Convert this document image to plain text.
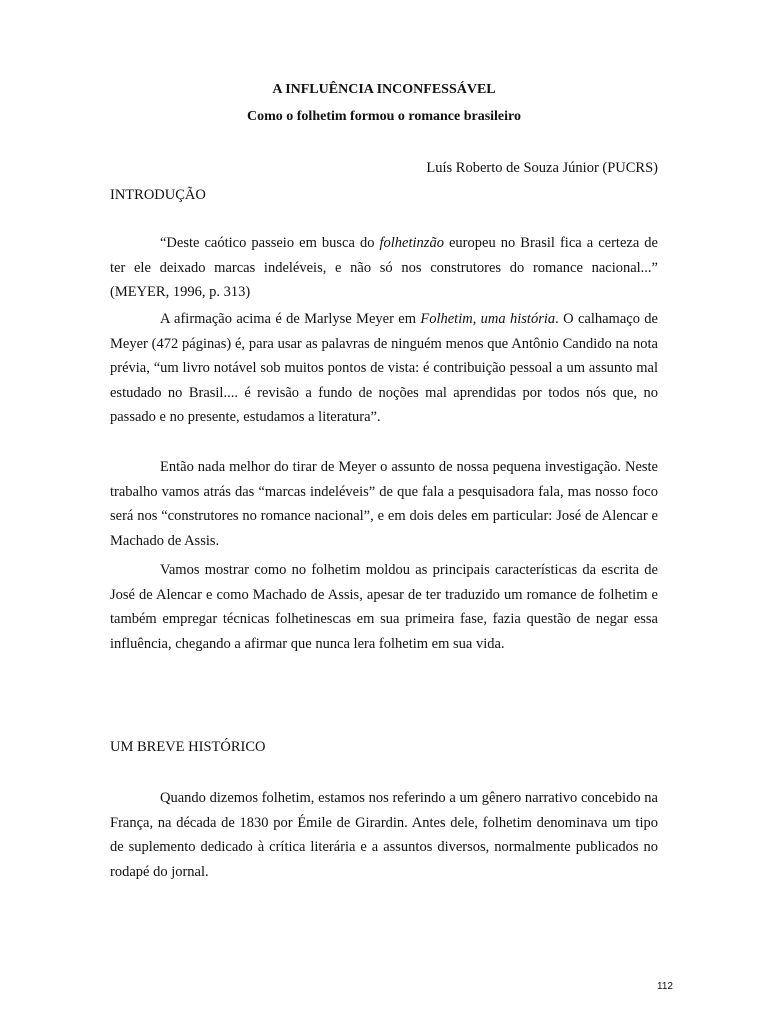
A INFLUÊNCIA INCONFESSÁVEL
Como o folhetim formou o romance brasileiro
Luís Roberto de Souza Júnior (PUCRS)
INTRODUÇÃO

“Deste caótico passeio em busca do folhetinzão europeu no Brasil fica a certeza de ter ele deixado marcas indeléveis, e não só nos construtores do romance nacional...” (MEYER, 1996, p. 313)

A afirmação acima é de Marlyse Meyer em Folhetim, uma história. O calhamaço de Meyer (472 páginas) é, para usar as palavras de ninguém menos que Antônio Candido na nota prévia, “um livro notável sob muitos pontos de vista: é contribuição pessoal a um assunto mal estudado no Brasil.... é revisão a fundo de noções mal aprendidas por todos nós que, no passado e no presente, estudamos a literatura”.

Então nada melhor do tirar de Meyer o assunto de nossa pequena investigação. Neste trabalho vamos atrás das “marcas indeléveis” de que fala a pesquisadora fala, mas nosso foco será nos “construtores no romance nacional”, e em dois deles em particular: José de Alencar e Machado de Assis.

Vamos mostrar como no folhetim moldou as principais características da escrita de José de Alencar e como Machado de Assis, apesar de ter traduzido um romance de folhetim e também empregar técnicas folhetinescas em sua primeira fase, fazia questão de negar essa influência, chegando a afirmar que nunca lera folhetim em sua vida.

UM BREVE HISTÓRICO

Quando dizemos folhetim, estamos nos referindo a um gênero narrativo concebido na França, na década de 1830 por Émile de Girardin. Antes dele, folhetim denominava um tipo de suplemento dedicado à crítica literária e a assuntos diversos, normalmente publicados no rodapé do jornal.

112
